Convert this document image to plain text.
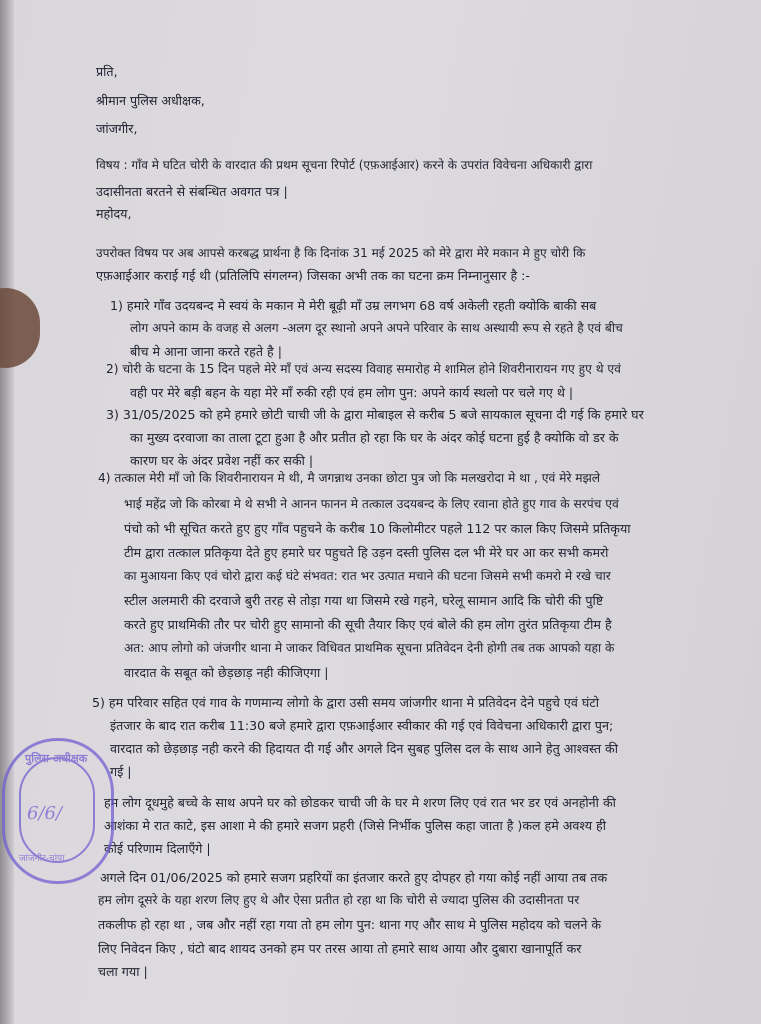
प्रति,

श्रीमान पुलिस अधीक्षक,

जांजगीर,

विषय : गाँव मे घटित चोरी के वारदात की प्रथम सूचना रिपोर्ट (एफ़आईआर) करने के उपरांत विवेचना अधिकारी द्वारा

उदासीनता बरतने से संबन्धित अवगत पत्र |

महोदय,

उपरोक्त विषय पर अब आपसे करबद्ध प्रार्थना है कि दिनांक 31 मई 2025 को मेरे द्वारा मेरे मकान मे हुए चोरी कि

एफ़आईआर कराई गई थी (प्रतिलिपि संगलग्न) जिसका अभी तक का घटना क्रम निम्नानुसार है :-

1) हमारे गाँव उदयबन्द मे स्वयं के मकान मे मेरी बूढ़ी माँ उम्र लगभग 68 वर्ष अकेली रहती क्योकि बाकी सब

लोग अपने काम के वजह से अलग -अलग दूर स्थानो अपने अपने परिवार के साथ अस्थायी रूप से रहते है एवं बीच

बीच मे आना जाना करते रहते है |

2) चोरी के घटना के 15 दिन पहले मेरे माँ एवं अन्य सदस्य विवाह समारोह मे शामिल होने शिवरीनारायन गए हुए थे एवं

वही पर मेरे बड़ी बहन के यहा मेरे माँ रुकी रही एवं हम लोग पुन: अपने कार्य स्थलो पर चले गए थे |

3) 31/05/2025 को हमे हमारे छोटी चाची जी के द्वारा मोबाइल से करीब 5 बजे सायकाल सूचना दी गई कि हमारे घर

का मुख्य दरवाजा का ताला टूटा हुआ है और प्रतीत हो रहा कि घर के अंदर कोई घटना हुई है क्योकि वो डर के

कारण घर के अंदर प्रवेश नहीं कर सकी |

4) तत्काल मेरी माँ जो कि शिवरीनारायन मे थी, मै जगन्नाथ उनका छोटा पुत्र जो कि मलखरोदा मे था , एवं मेरे मझले

भाई महेंद्र जो कि कोरबा मे थे सभी ने आनन फानन मे तत्काल उदयबन्द के लिए रवाना होते हुए गाव के सरपंच एवं

पंचो को भी सूचित करते हुए हुए गाँव पहुचने के करीब 10 किलोमीटर पहले 112 पर काल किए जिसमे प्रतिकृया

टीम द्वारा तत्काल प्रतिकृया देते हुए हमारे घर पहुचते हि उड़न दस्ती पुलिस दल भी मेरे घर आ कर सभी कमरो

का मुआयना किए एवं चोरो द्वारा कई घंटे संभवत: रात भर उत्पात मचाने की घटना जिसमे सभी कमरो मे रखे चार

स्टील अलमारी की दरवाजे बुरी तरह से तोड़ा गया था जिसमे रखे गहने, घरेलू सामान आदि कि चोरी की पुष्टि

करते हुए प्राथमिकी तौर पर चोरी हुए सामानो की सूची तैयार किए एवं बोले की हम लोग तुरंत प्रतिकृया टीम है

अत: आप लोगो को जंजगीर थाना मे जाकर विधिवत प्राथमिक सूचना प्रतिवेदन देनी होगी तब तक आपको यहा के

वारदात के सबूत को छेड़छाड़ नही कीजिएगा |

5) हम परिवार सहित एवं गाव के गणमान्य लोगो के द्वारा उसी समय जांजगीर थाना मे प्रतिवेदन देने पहुचे एवं घंटो

इंतजार के बाद रात करीब 11:30 बजे हमारे द्वारा एफ़आईआर स्वीकार की गई एवं विवेचना अधिकारी द्वारा पुन;

वारदात को छेड़छाड़ नही करने की हिदायत दी गई और अगले दिन सुबह पुलिस दल के साथ आने हेतु आश्वस्त की

गई |

हम लोग दूधमुहे बच्चे के साथ अपने घर को छोडकर चाची जी के घर मे शरण लिए एवं रात भर डर एवं अनहोनी की

आशंका मे रात काटे, इस आशा मे की हमारे सजग प्रहरी (जिसे निर्भीक पुलिस कहा जाता है )कल हमे अवश्य ही

कोई परिणाम दिलाएँगे |

अगले दिन 01/06/2025 को हमारे सजग प्रहरियों का इंतजार करते हुए दोपहर हो गया कोई नहीं आया तब तक

हम लोग दूसरे के यहा शरण लिए हुए थे और ऐसा प्रतीत हो रहा था कि चोरी से ज्यादा पुलिस की उदासीनता पर

तकलीफ हो रहा था , जब और नहीं रहा गया तो हम लोग पुन: थाना गए और साथ मे पुलिस महोदय को चलने के

लिए निवेदन किए , घंटो बाद शायद उनको हम पर तरस आया तो हमारे साथ आया और दुबारा खानापूर्ति कर

चला गया |

पुलिस अधीक्षक
6/6/
जांजगीर-चांपा
